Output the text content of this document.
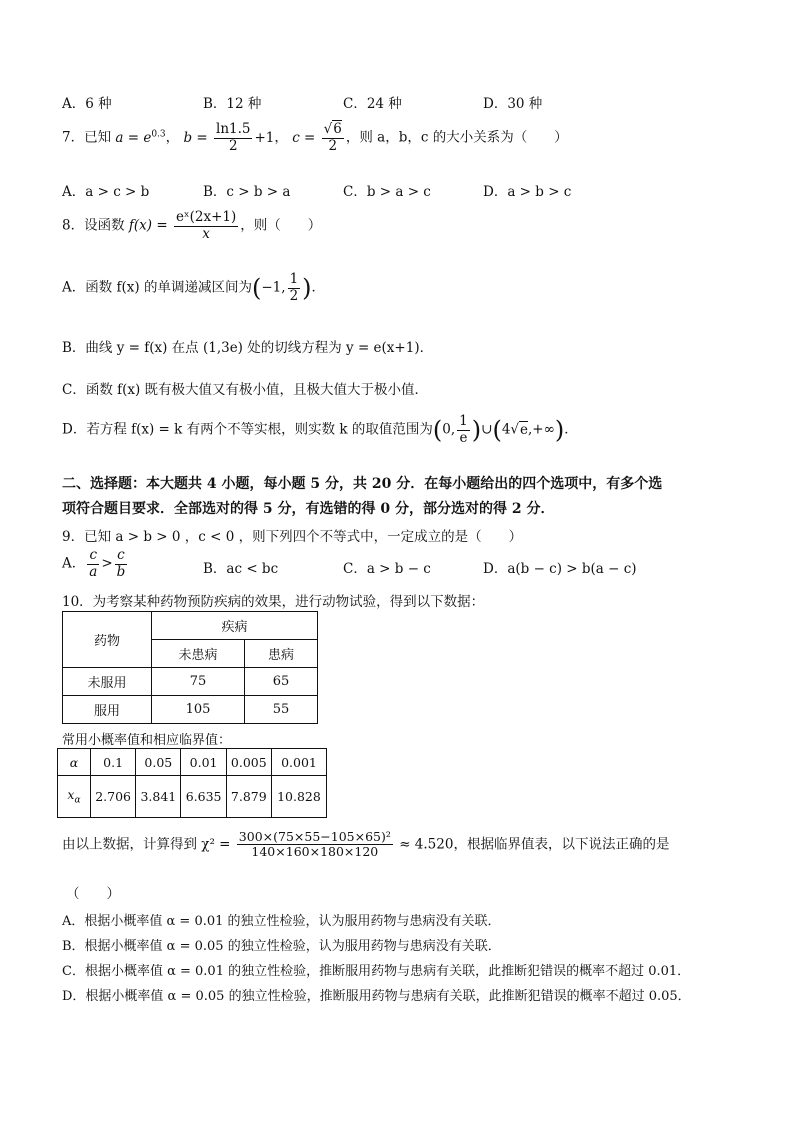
A．6 种	B．12 种	C．24 种	D．30 种
7．已知 $a = e^{0.3}$， $b = \frac{\ln 1.5}{2} +1$， $c = \frac{√6}{2}$ ，则 a，b，c 的大小关系为（　　）
A．a > c > b	B．c > b > a	C．b > a > c	D．a > b > c
8．设函数 $f(x) = \frac{\text{eˣ(2x+1)}}{x}$ ，则（　　）
A．函数 f(x) 的单调递减区间为(−1, $\frac{1}{2}$ )．
B．曲线 y = f(x) 在点 (1,3e) 处的切线方程为 y = e(x+1)．
C．函数 f(x) 既有极大值又有极小值，且极大值大于极小值．
D．若方程 f(x) = k 有两个不等实根，则实数 k 的取值范围为(0, $\frac{1}{e}$ )∪(4√e,+∞)．
二、选择题：本大题共 4 小题，每小题 5 分，共 20 分．在每小题给出的四个选项中，有多个选
项符合题目要求．全部选对的得 5 分，有选错的得 0 分，部分选对的得 2 分．
9．已知 a > b > 0 ，c < 0 ，则下列四个不等式中，一定成立的是（　　）
A． $\frac{c}{a} > \frac{c}{b}$	B．ac < bc	C．a > b − c	D．a(b − c) > b(a − c)
10．为考察某种药物预防疾病的效果，进行动物试验，得到以下数据：
药物	疾病	
	未患病	患病
未服用	75	65
服用	105	55
常用小概率值和相应临界值：
α	0.1	0.05	0.01	0.005	0.001
$x_\alpha$	2.706	3.841	6.635	7.879	10.828
由以上数据，计算得到 $\chi^2 = \frac{\text{300×(75×55−105×65)²}}{140\times 160\times 180\times 120} \approx 4.520$，根据临界值表，以下说法正确的是
（　　）
A．根据小概率值 α = 0.01 的独立性检验，认为服用药物与患病没有关联．
B．根据小概率值 α = 0.05 的独立性检验，认为服用药物与患病没有关联．
C．根据小概率值 α = 0.01 的独立性检验，推断服用药物与患病有关联，此推断犯错误的概率不超过 0.01．
D．根据小概率值 α = 0.05 的独立性检验，推断服用药物与患病有关联，此推断犯错误的概率不超过 0.05．
